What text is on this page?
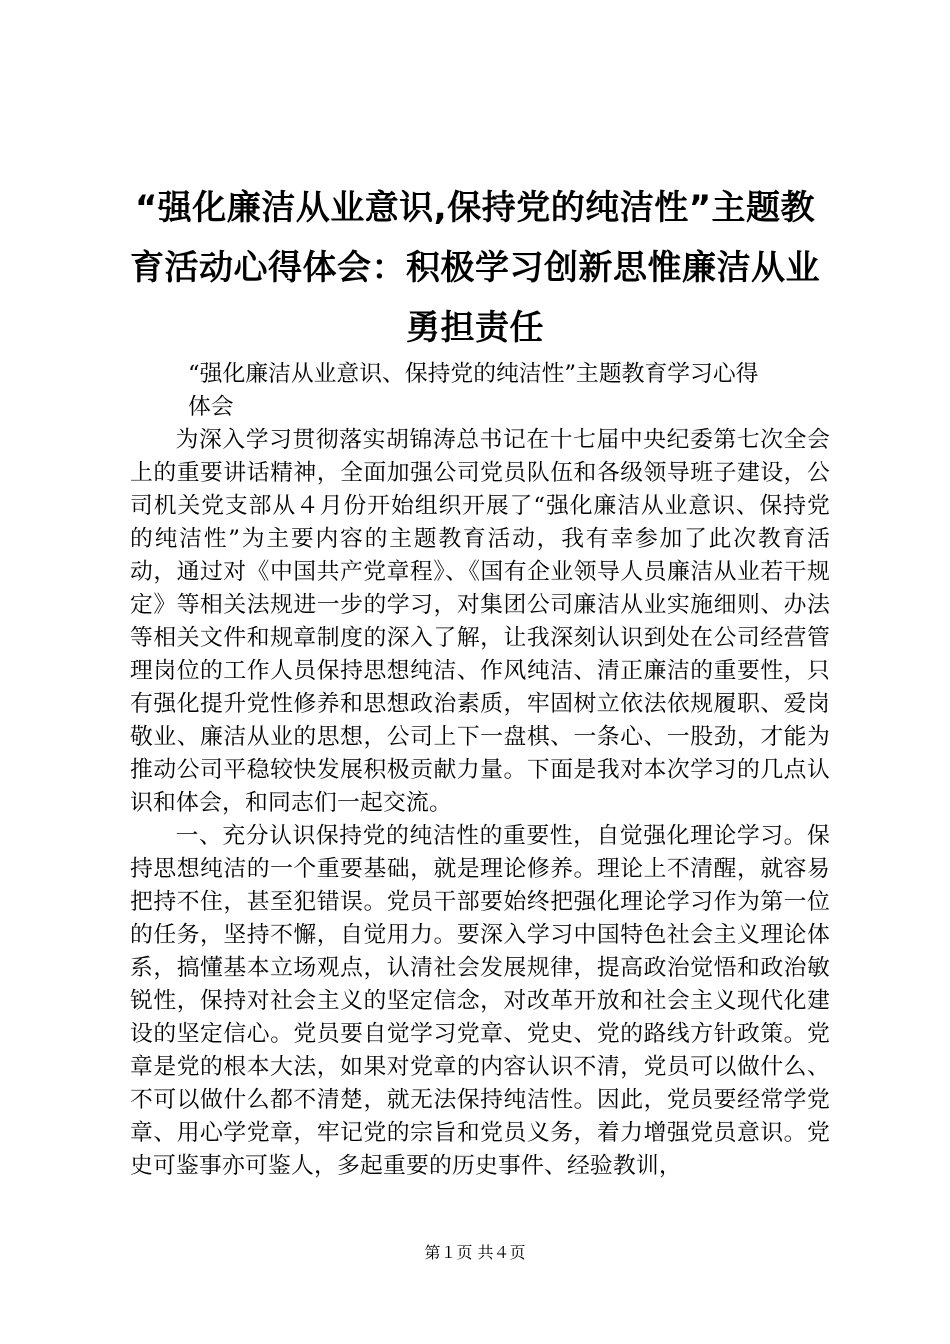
“强化廉洁从业意识,保持党的纯洁性”主题教育活动心得体会：积极学习创新思惟廉洁从业勇担责任

“强化廉洁从业意识、保持党的纯洁性”主题教育学习心得体会

为深入学习贯彻落实胡锦涛总书记在十七届中央纪委第七次全会上的重要讲话精神，全面加强公司党员队伍和各级领导班子建设，公司机关党支部从４月份开始组织开展了“强化廉洁从业意识、保持党的纯洁性”为主要内容的主题教育活动，我有幸参加了此次教育活动，通过对《中国共产党章程》、《国有企业领导人员廉洁从业若干规定》等相关法规进一步的学习，对集团公司廉洁从业实施细则、办法等相关文件和规章制度的深入了解，让我深刻认识到处在公司经营管理岗位的工作人员保持思想纯洁、作风纯洁、清正廉洁的重要性，只有强化提升党性修养和思想政治素质，牢固树立依法依规履职、爱岗敬业、廉洁从业的思想，公司上下一盘棋、一条心、一股劲，才能为推动公司平稳较快发展积极贡献力量。下面是我对本次学习的几点认识和体会，和同志们一起交流。

一、充分认识保持党的纯洁性的重要性，自觉强化理论学习。保持思想纯洁的一个重要基础，就是理论修养。理论上不清醒，就容易把持不住，甚至犯错误。党员干部要始终把强化理论学习作为第一位的任务，坚持不懈，自觉用力。要深入学习中国特色社会主义理论体系，搞懂基本立场观点，认清社会发展规律，提高政治觉悟和政治敏锐性，保持对社会主义的坚定信念，对改革开放和社会主义现代化建设的坚定信心。党员要自觉学习党章、党史、党的路线方针政策。党章是党的根本大法，如果对党章的内容认识不清，党员可以做什么、不可以做什么都不清楚，就无法保持纯洁性。因此，党员要经常学党章、用心学党章，牢记党的宗旨和党员义务，着力增强党员意识。党史可鉴事亦可鉴人，多起重要的历史事件、经验教训，

第１页 共４页
